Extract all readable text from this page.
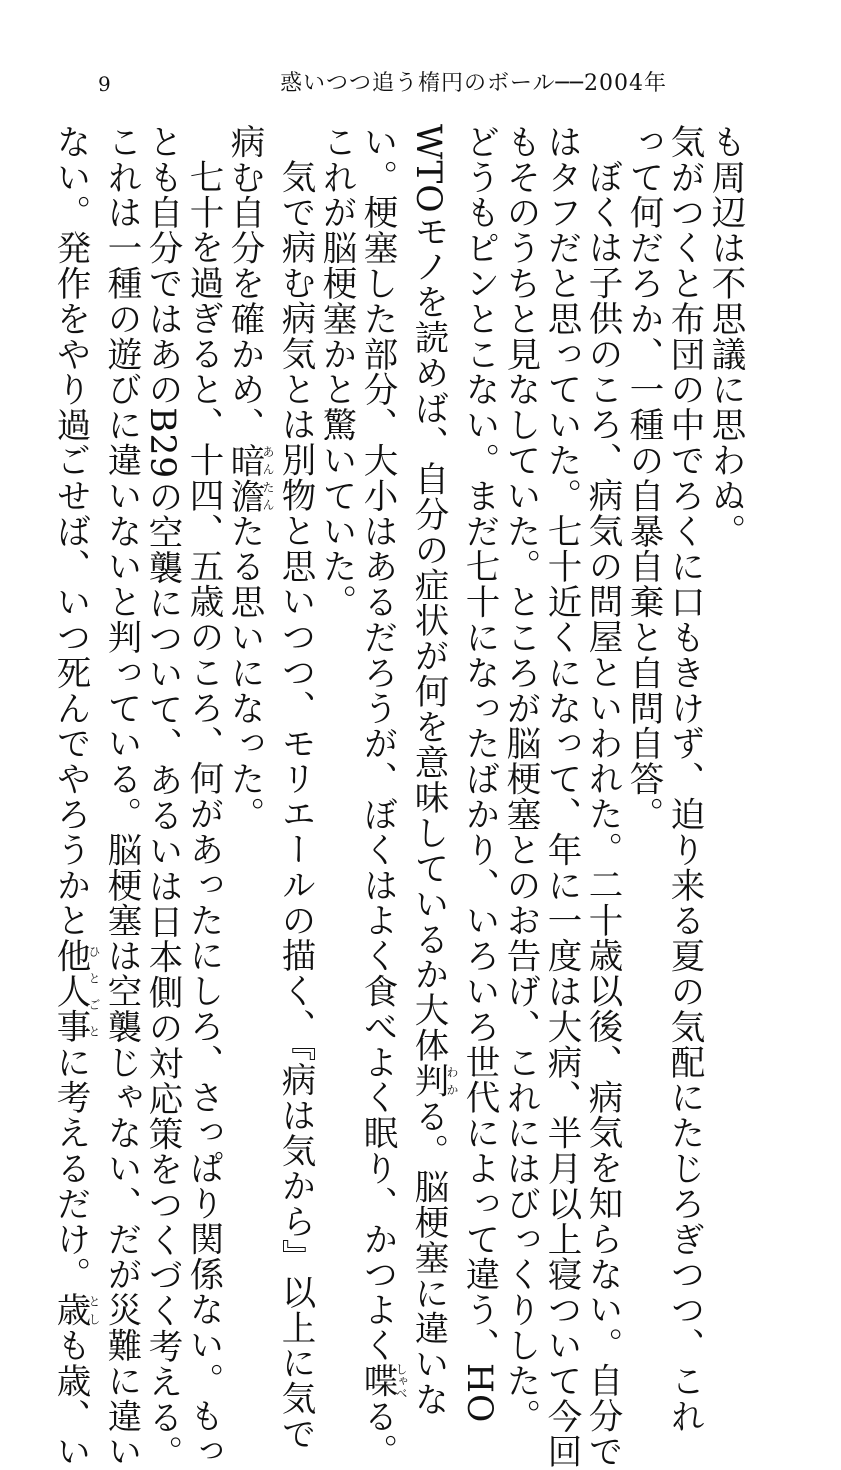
9	惑いつつ追う楕円のボール──2004年
も周辺は不思議に思わぬ。
気がつくと布団の中でろくに口もきけず、迫り来る夏の気配にたじろぎつつ、これ
って何だろか、一種の自暴自棄と自問自答。
ぼくは子供のころ、病気の問屋といわれた。二十歳以後、病気を知らない。自分で
はタフだと思っていた。七十近くになって、年に一度は大病、半月以上寝ついて今回
もそのうちと見なしていた。ところが脳梗塞とのお告げ、これにはびっくりした。
どうもピンとこない。まだ七十になったばかり、いろいろ世代によって違う、HO
WTOモノを読めば、自分の症状が何を意味しているか大体判わかる。脳梗塞に違いな
い。梗塞した部分、大小はあるだろうが、ぼくはよく食べよく眠り、かつよく喋しゃべる。
これが脳梗塞かと驚いていた。
気で病む病気とは別物と思いつつ、モリエールの描く、『病は気から』以上に気で
病む自分を確かめ、暗澹あんたんたる思いになった。
七十を過ぎると、十四、五歳のころ、何があったにしろ、さっぱり関係ない。もっ
とも自分ではあのB29の空襲について、あるいは日本側の対応策をつくづく考える。
これは一種の遊びに違いないと判っている。脳梗塞は空襲じゃない、だが災難に違い
ない。発作をやり過ごせば、いつ死んでやろうかと他人事ひとごとに考えるだけ。歳としも歳、い
